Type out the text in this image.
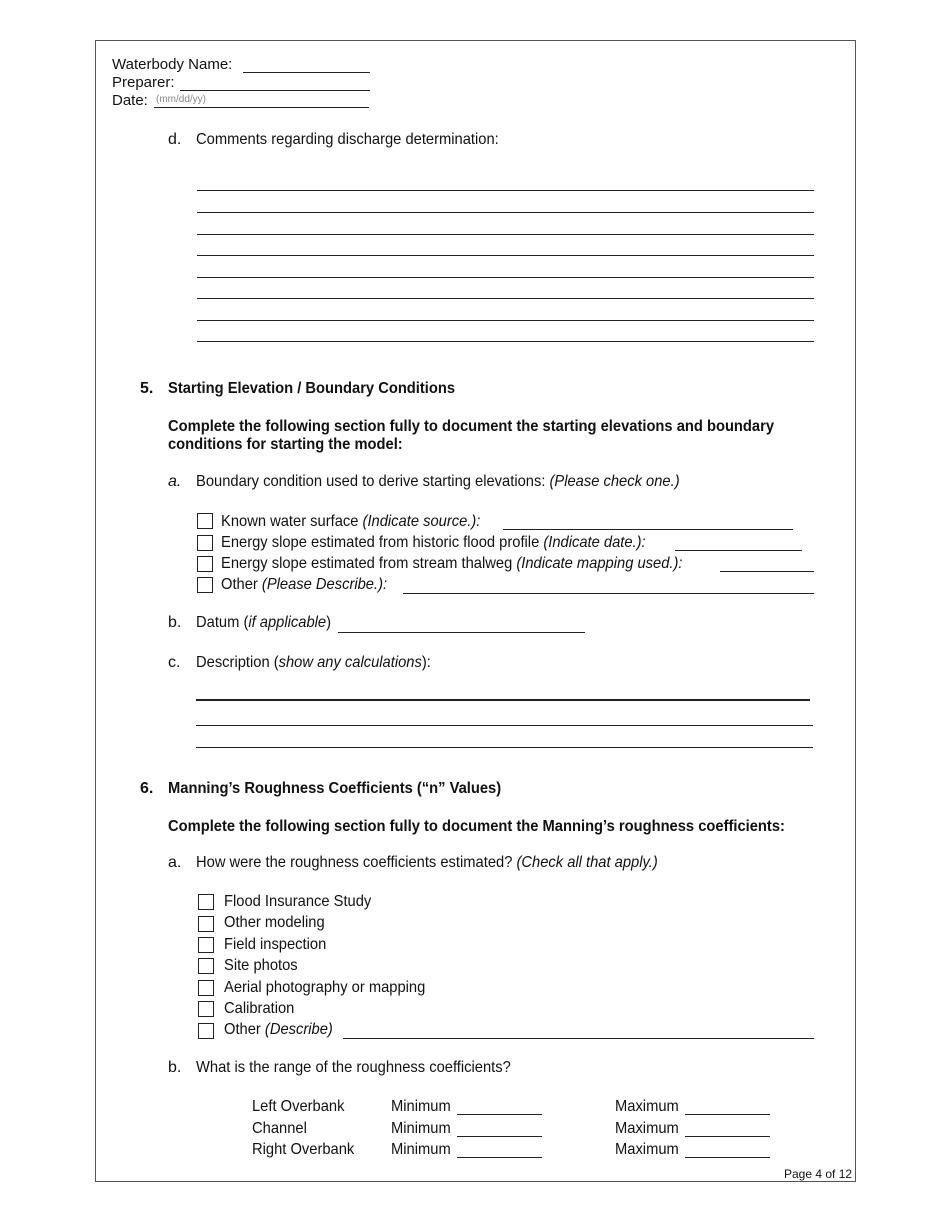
Waterbody Name:
Preparer:
Date: (mm/dd/yy)
d. Comments regarding discharge determination:
5. Starting Elevation / Boundary Conditions
Complete the following section fully to document the starting elevations and boundary
conditions for starting the model:
a. Boundary condition used to derive starting elevations: (Please check one.)
Known water surface (Indicate source.):
Energy slope estimated from historic flood profile (Indicate date.):
Energy slope estimated from stream thalweg (Indicate mapping used.):
Other (Please Describe.):
b. Datum (if applicable)
c. Description (show any calculations):
6. Manning’s Roughness Coefficients (“n” Values)
Complete the following section fully to document the Manning’s roughness coefficients:
a. How were the roughness coefficients estimated? (Check all that apply.)
Flood Insurance Study
Other modeling
Field inspection
Site photos
Aerial photography or mapping
Calibration
Other (Describe)
b. What is the range of the roughness coefficients?
Left Overbank	Minimum	Maximum
Channel	Minimum	Maximum
Right Overbank	Minimum	Maximum
Page 4 of 12
